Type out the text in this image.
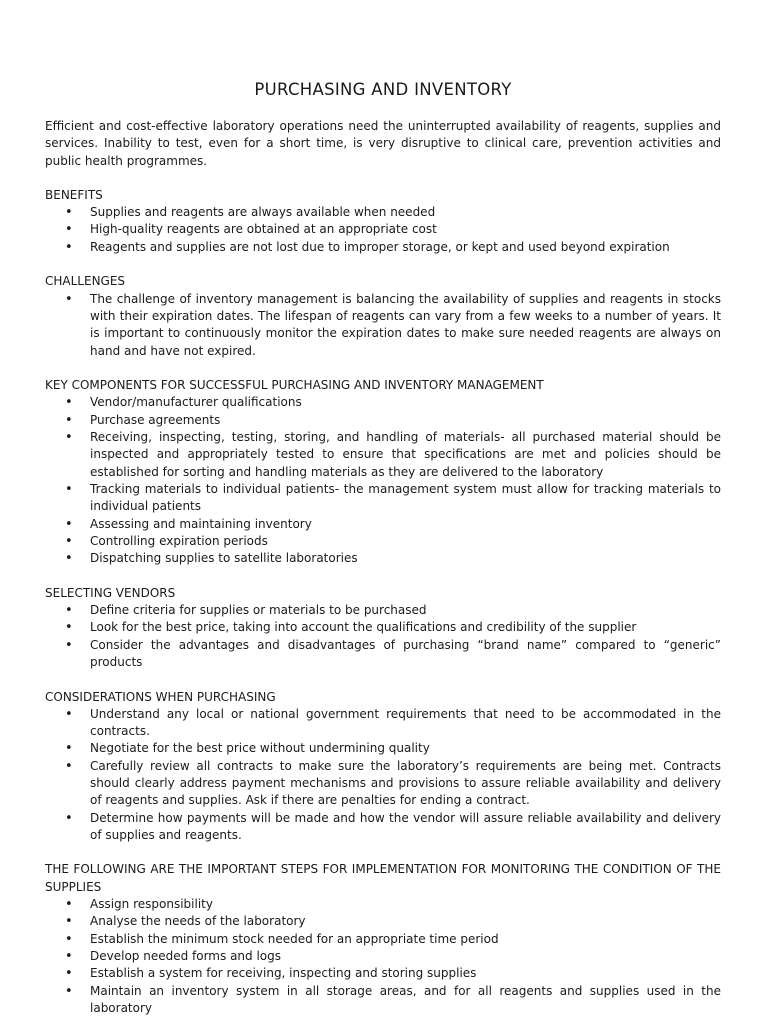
PURCHASING AND INVENTORY

Efficient and cost-effective laboratory operations need the uninterrupted availability of reagents, supplies and services. Inability to test, even for a short time, is very disruptive to clinical care, prevention activities and public health programmes.

BENEFITS

• Supplies and reagents are always available when needed
• High-quality reagents are obtained at an appropriate cost
• Reagents and supplies are not lost due to improper storage, or kept and used beyond expiration

CHALLENGES

• The challenge of inventory management is balancing the availability of supplies and reagents in stocks with their expiration dates. The lifespan of reagents can vary from a few weeks to a number of years. It is important to continuously monitor the expiration dates to make sure needed reagents are always on hand and have not expired.

KEY COMPONENTS FOR SUCCESSFUL PURCHASING AND INVENTORY MANAGEMENT

• Vendor/manufacturer qualifications
• Purchase agreements
• Receiving, inspecting, testing, storing, and handling of materials- all purchased material should be inspected and appropriately tested to ensure that specifications are met and policies should be established for sorting and handling materials as they are delivered to the laboratory
• Tracking materials to individual patients- the management system must allow for tracking materials to individual patients
• Assessing and maintaining inventory
• Controlling expiration periods
• Dispatching supplies to satellite laboratories

SELECTING VENDORS

• Define criteria for supplies or materials to be purchased
• Look for the best price, taking into account the qualifications and credibility of the supplier
• Consider the advantages and disadvantages of purchasing “brand name” compared to “generic” products

CONSIDERATIONS WHEN PURCHASING

• Understand any local or national government requirements that need to be accommodated in the contracts.
• Negotiate for the best price without undermining quality
• Carefully review all contracts to make sure the laboratory’s requirements are being met. Contracts should clearly address payment mechanisms and provisions to assure reliable availability and delivery of reagents and supplies. Ask if there are penalties for ending a contract.
• Determine how payments will be made and how the vendor will assure reliable availability and delivery of supplies and reagents.

THE FOLLOWING ARE THE IMPORTANT STEPS FOR IMPLEMENTATION FOR MONITORING THE CONDITION OF THE SUPPLIES

• Assign responsibility
• Analyse the needs of the laboratory
• Establish the minimum stock needed for an appropriate time period
• Develop needed forms and logs
• Establish a system for receiving, inspecting and storing supplies
• Maintain an inventory system in all storage areas, and for all reagents and supplies used in the laboratory
